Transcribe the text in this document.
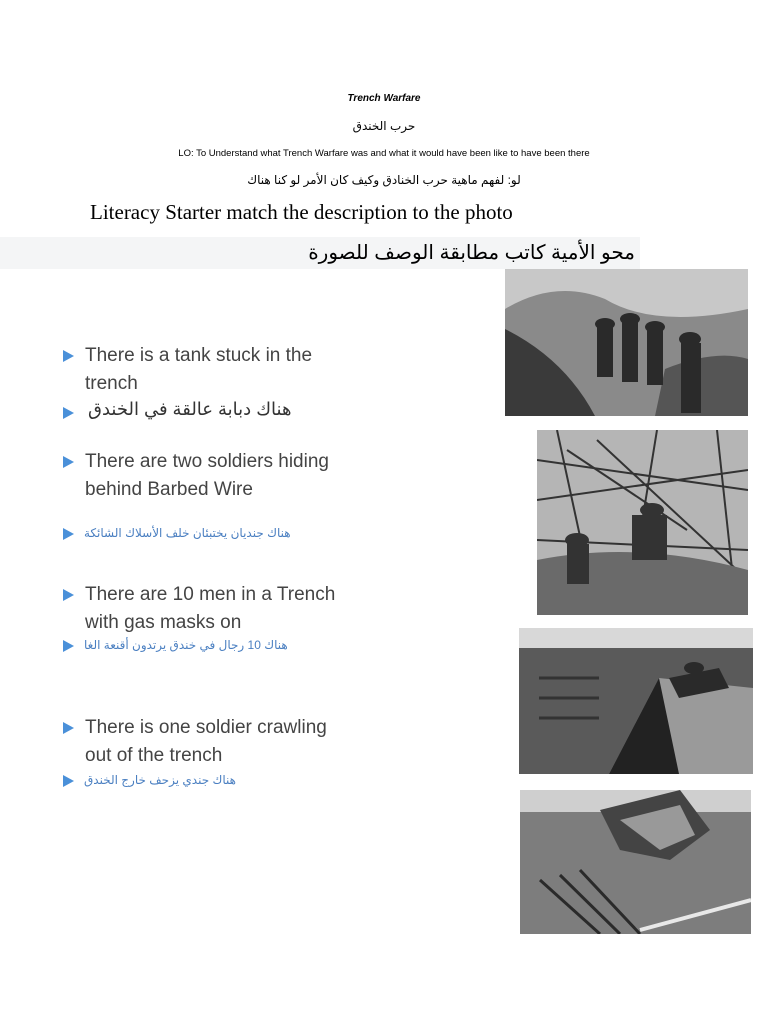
Trench Warfare
حرب الخندق
LO: To Understand what Trench Warfare was and what it would have been like to have been there
لو: لفهم ماهية حرب الخنادق وكيف كان الأمر لو كنا هناك
Literacy Starter match the description to the photo
محو الأمية كاتب مطابقة الوصف للصورة
There is a tank stuck in the
trench
هناك دبابة عالقة في الخندق
There are two soldiers hiding
behind Barbed Wire
هناك جنديان يختبئان خلف الأسلاك الشائكة
There are 10 men in a Trench
with gas masks on
هناك 10 رجال في خندق يرتدون أقنعة الغا
There is one soldier crawling
out of the trench
هناك جندي يزحف خارج الخندق
